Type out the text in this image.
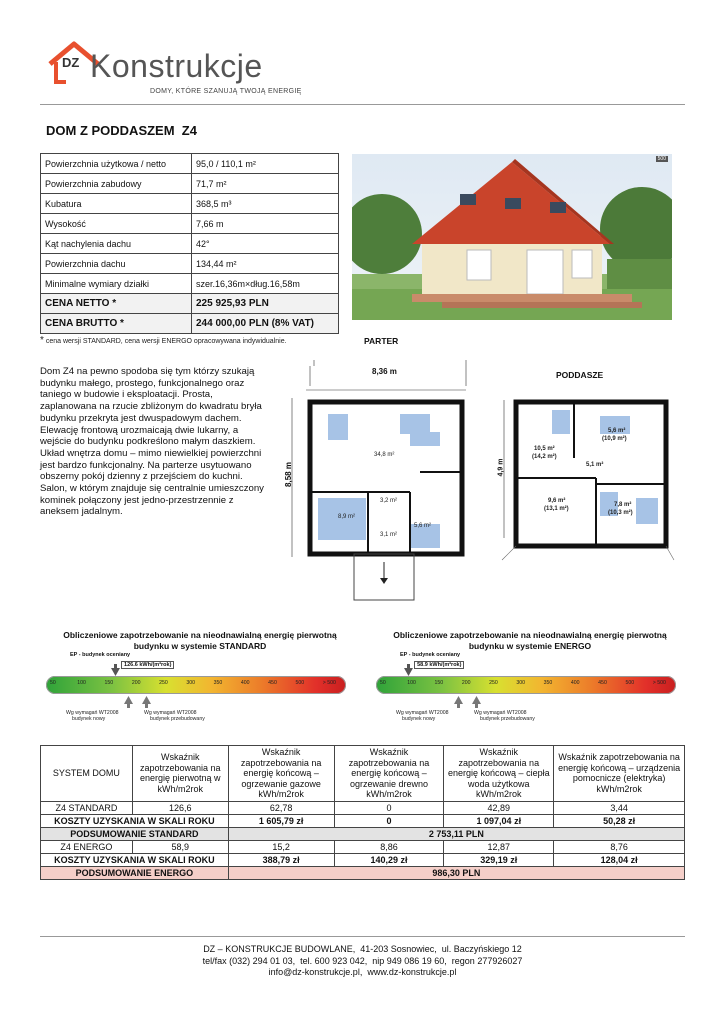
DZ Konstrukcje
DOMY, KTÓRE SZANUJĄ TWOJĄ ENERGIĘ
DOM Z PODDASZEM  Z4
Powierzchnia użytkowa / netto	95,0 / 110,1 m²
Powierzchnia zabudowy	71,7 m²
Kubatura	368,5 m³
Wysokość	7,66 m
Kąt nachylenia dachu	42°
Powierzchnia dachu	134,44 m²
Minimalne wymiary działki	szer.16,36m×dług.16,58m
CENA NETTO *	225 925,93 PLN
CENA BRUTTO *	244 000,00 PLN (8% VAT)
500
* cena wersji STANDARD, cena wersji ENERGO opracowywana indywidualnie.
Dom Z4 na pewno spodoba się tym którzy szukają budynku małego, prostego, funkcjonalnego oraz taniego w budowie i eksploatacji. Prosta, zaplanowana na rzucie zbliżonym do kwadratu bryła budynku przekryta jest dwuspadowym dachem. Elewację frontową urozmaicają dwie lukarny, a wejście do budynku podkreślono małym daszkiem.
Układ wnętrza domu – mimo niewielkiej powierzchni jest bardzo funkcjonalny. Na parterze usytuowano obszerny pokój dzienny z przejściem do kuchni. Salon, w którym znajduje się centralnie umieszczony kominek połączony jest jedno-przestrzennie z aneksem jadalnym.
PARTER
8,36 m
8,58 m
34,8 m²
8,9 m²
3,2 m²
3,1 m²
5,6 m²
PODDASZE
4,9 m
5,6 m²
(10,9 m²)
10,5 m²
(14,2 m²)
5,1 m²
9,6 m²
(13,1 m²)
7,8 m²
(10,3 m²)
Obliczeniowe zapotrzebowanie na nieodnawialną energię pierwotną budynku w systemie STANDARD
EP - budynek oceniany
126.6 kWh/(m²rok)
50	100	150	200	250	300	350	400	450	500	> 500
Wg wymagań WT2008
budynek nowy
Wg wymagań WT2008
budynek przebudowany
Obliczeniowe zapotrzebowanie na nieodnawialną energię pierwotną budynku w systemie ENERGO
EP - budynek oceniany
58.9 kWh/(m²rok)
50	100	150	200	250	300	350	400	450	500	> 500
Wg wymagań WT2008
budynek nowy
Wg wymagań WT2008
budynek przebudowany
SYSTEM DOMU	Wskaźnik zapotrzebowania na energię pierwotną w kWh/m2rok	Wskaźnik zapotrzebowania na energię końcową – ogrzewanie gazowe kWh/m2rok	Wskaźnik zapotrzebowania na energię końcową – ogrzewanie drewno kWh/m2rok	Wskaźnik zapotrzebowania na energię końcową – ciepła woda użytkowa kWh/m2rok	Wskaźnik zapotrzebowania na energię końcową – urządzenia pomocnicze (elektryka) kWh/m2rok
Z4 STANDARD	126,6	62,78	0	42,89	3,44
KOSZTY UZYSKANIA W SKALI ROKU		1 605,79 zł	0	1 097,04 zł	50,28 zł
PODSUMOWANIE STANDARD		2 753,11 PLN			
Z4 ENERGO	58,9	15,2	8,86	12,87	8,76
KOSZTY UZYSKANIA W SKALI ROKU		388,79 zł	140,29 zł	329,19 zł	128,04 zł
PODSUMOWANIE ENERGO		986,30 PLN			
DZ – KONSTRUKCJE BUDOWLANE,  41-203 Sosnowiec,  ul. Baczyńskiego 12
tel/fax (032) 294 01 03,  tel. 600 923 042,  nip 949 086 19 60,  regon 277926027
info@dz-konstrukcje.pl,  www.dz-konstrukcje.pl
